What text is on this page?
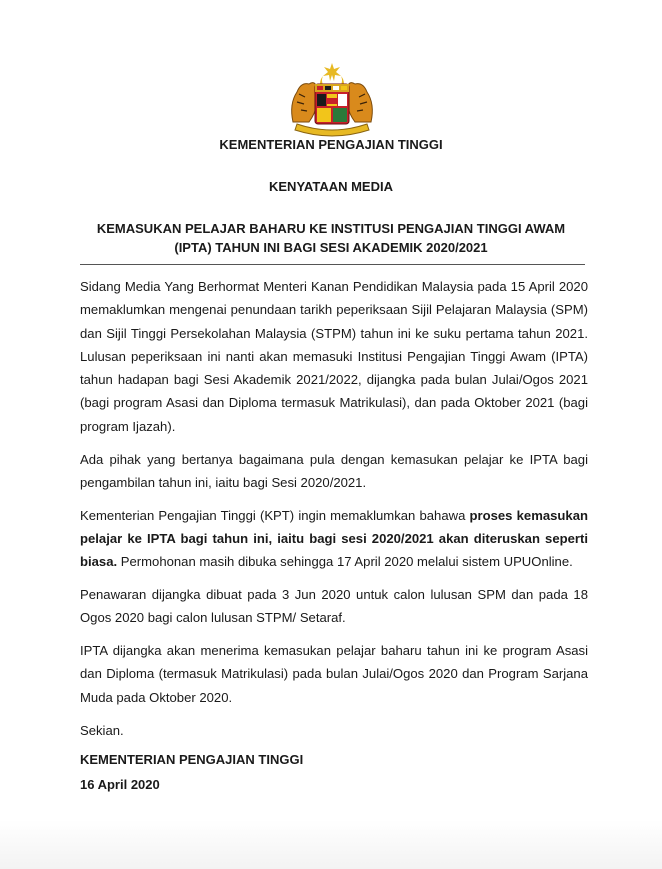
KEMENTERIAN PENGAJIAN TINGGI
KENYATAAN MEDIA
KEMASUKAN PELAJAR BAHARU KE INSTITUSI PENGAJIAN TINGGI AWAM
(IPTA) TAHUN INI BAGI SESI AKADEMIK 2020/2021

Sidang Media Yang Berhormat Menteri Kanan Pendidikan Malaysia pada 15 April 2020 memaklumkan mengenai penundaan tarikh peperiksaan Sijil Pelajaran Malaysia (SPM) dan Sijil Tinggi Persekolahan Malaysia (STPM) tahun ini ke suku pertama tahun 2021. Lulusan peperiksaan ini nanti akan memasuki Institusi Pengajian Tinggi Awam (IPTA) tahun hadapan bagi Sesi Akademik 2021/2022, dijangka pada bulan Julai/Ogos 2021 (bagi program Asasi dan Diploma termasuk Matrikulasi), dan pada Oktober 2021 (bagi program Ijazah).

Ada pihak yang bertanya bagaimana pula dengan kemasukan pelajar ke IPTA bagi pengambilan tahun ini, iaitu bagi Sesi 2020/2021.

Kementerian Pengajian Tinggi (KPT) ingin memaklumkan bahawa proses kemasukan pelajar ke IPTA bagi tahun ini, iaitu bagi sesi 2020/2021 akan diteruskan seperti biasa. Permohonan masih dibuka sehingga 17 April 2020 melalui sistem UPUOnline.

Penawaran dijangka dibuat pada 3 Jun 2020 untuk calon lulusan SPM dan pada 18 Ogos 2020 bagi calon lulusan STPM/ Setaraf.

IPTA dijangka akan menerima kemasukan pelajar baharu tahun ini ke program Asasi dan Diploma (termasuk Matrikulasi) pada bulan Julai/Ogos 2020 dan Program Sarjana Muda pada Oktober 2020.

Sekian.

KEMENTERIAN PENGAJIAN TINGGI
16 April 2020
